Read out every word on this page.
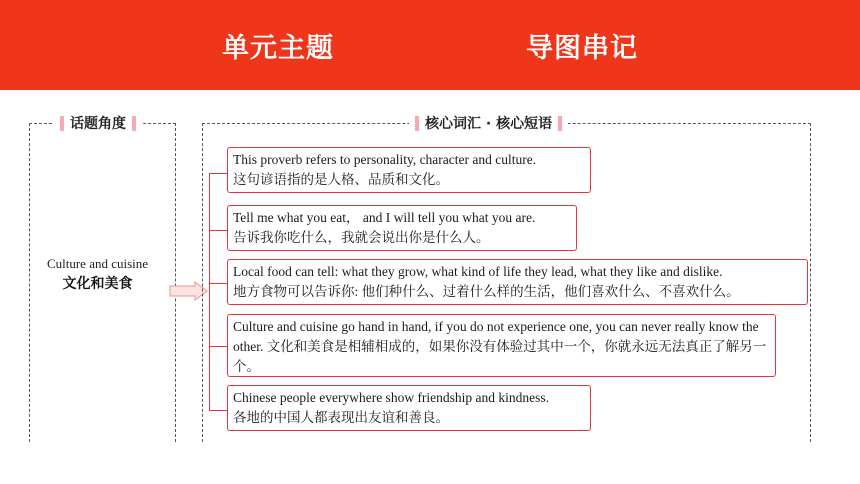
单元主题     导图串记
话题角度
Culture and cuisine
文化和美食
核心词汇 · 核心短语

This proverb refers to personality, character and culture.

这句谚语指的是人格、品质和文化。

Tell me what you eat， and I will tell you what you are.

告诉我你吃什么，我就会说出你是什么人。

Local food can tell: what they grow, what kind of life they lead, what they like and dislike.

地方食物可以告诉你: 他们种什么、过着什么样的生活，他们喜欢什么、不喜欢什么。

Culture and cuisine go hand in hand, if you do not experience one, you can never really know the other. 文化和美食是相辅相成的，如果你没有体验过其中一个，你就永远无法真正了解另一个。

Chinese people everywhere show friendship and kindness.

各地的中国人都表现出友谊和善良。
